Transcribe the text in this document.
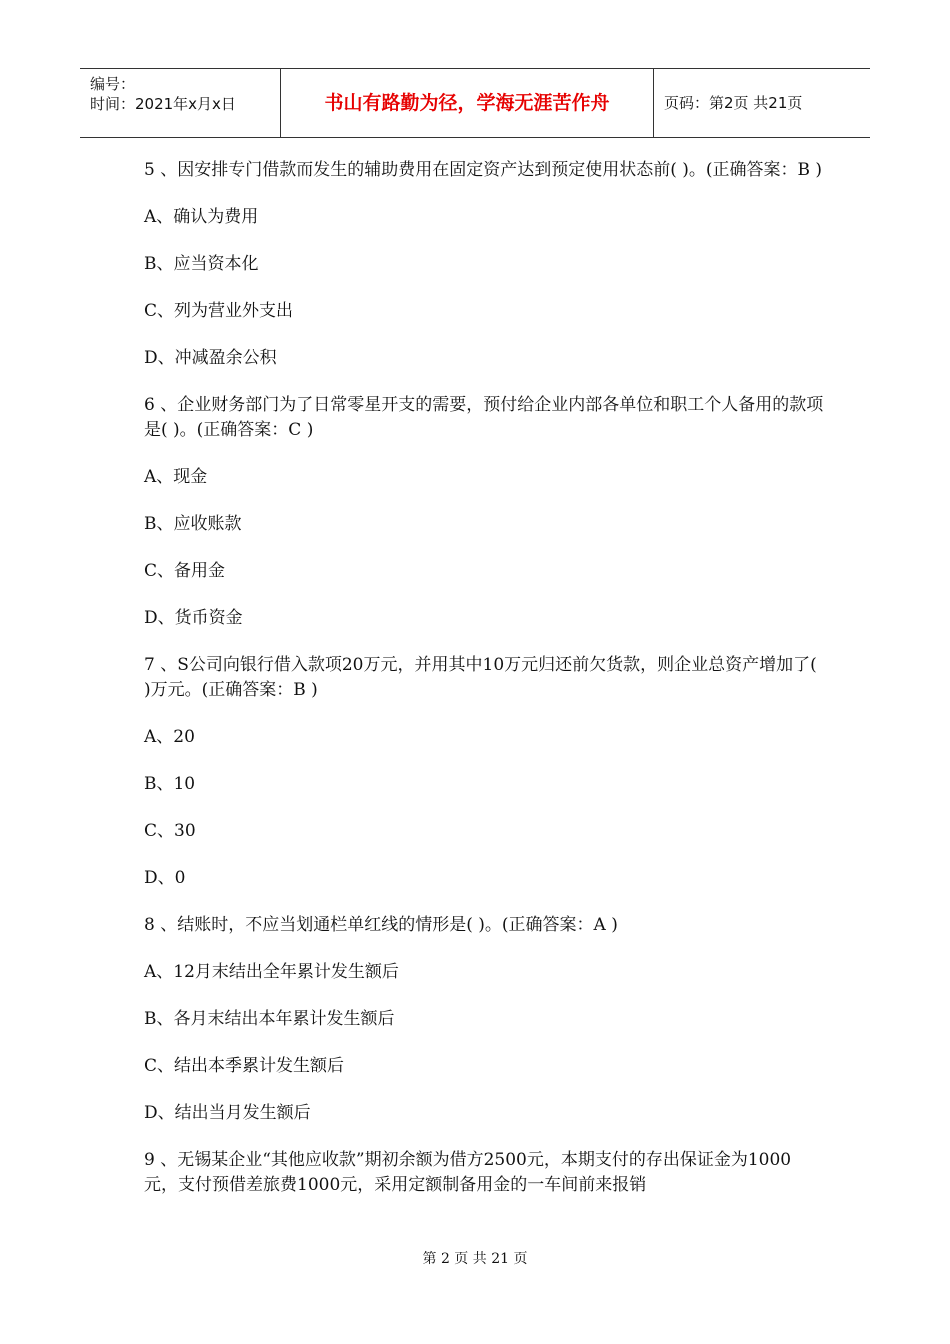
编号：
时间：2021年x月x日	书山有路勤为径，学海无涯苦作舟	页码：第2页 共21页
5 、因安排专门借款而发生的辅助费用在固定资产达到预定使用状态前( )。(正确答案：B )
A、确认为费用
B、应当资本化
C、列为营业外支出
D、冲减盈余公积
6 、企业财务部门为了日常零星开支的需要，预付给企业内部各单位和职工个人备用的款项是( )。(正确答案：C )
A、现金
B、应收账款
C、备用金
D、货币资金
7 、S公司向银行借入款项20万元，并用其中10万元归还前欠货款，则企业总资产增加了( )万元。(正确答案：B )
A、20
B、10
C、30
D、0
8 、结账时，不应当划通栏单红线的情形是( )。(正确答案：A )
A、12月末结出全年累计发生额后
B、各月末结出本年累计发生额后
C、结出本季累计发生额后
D、结出当月发生额后
9 、无锡某企业“其他应收款”期初余额为借方2500元，本期支付的存出保证金为1000元，支付预借差旅费1000元，采用定额制备用金的一车间前来报销
第 2 页 共 21 页
